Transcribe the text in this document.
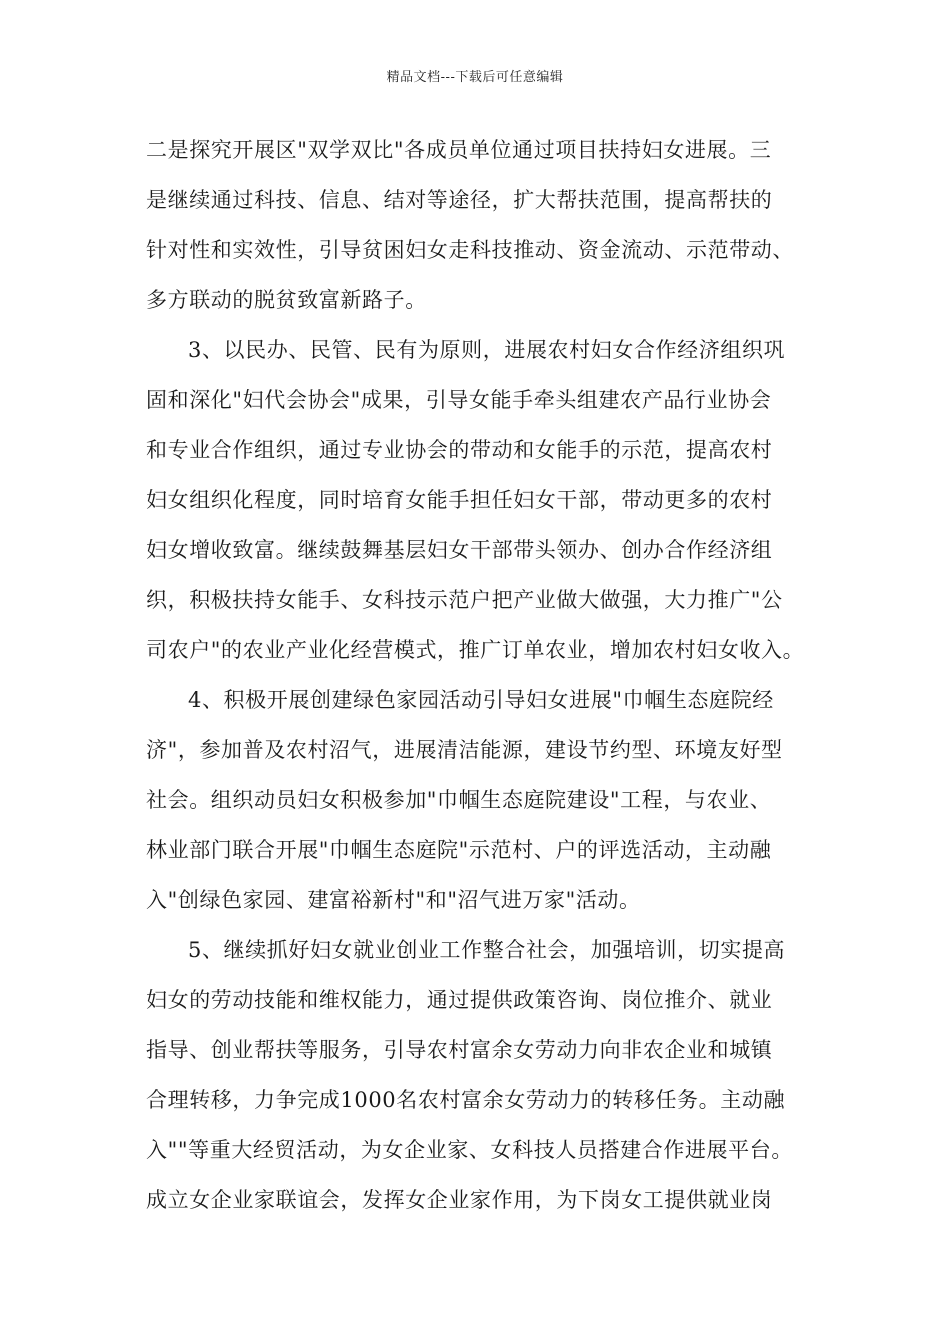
精品文档---下载后可任意编辑
二是探究开展区"双学双比"各成员单位通过项目扶持妇女进展。三
是继续通过科技、信息、结对等途径，扩大帮扶范围，提高帮扶的
针对性和实效性，引导贫困妇女走科技推动、资金流动、示范带动、
多方联动的脱贫致富新路子。
3、以民办、民管、民有为原则，进展农村妇女合作经济组织巩
固和深化"妇代会协会"成果，引导女能手牵头组建农产品行业协会
和专业合作组织，通过专业协会的带动和女能手的示范，提高农村
妇女组织化程度，同时培育女能手担任妇女干部，带动更多的农村
妇女增收致富。继续鼓舞基层妇女干部带头领办、创办合作经济组
织，积极扶持女能手、女科技示范户把产业做大做强，大力推广"公
司农户"的农业产业化经营模式，推广订单农业，增加农村妇女收入。
4、积极开展创建绿色家园活动引导妇女进展"巾帼生态庭院经
济"，参加普及农村沼气，进展清洁能源，建设节约型、环境友好型
社会。组织动员妇女积极参加"巾帼生态庭院建设"工程，与农业、
林业部门联合开展"巾帼生态庭院"示范村、户的评选活动，主动融
入"创绿色家园、建富裕新村"和"沼气进万家"活动。
5、继续抓好妇女就业创业工作整合社会，加强培训，切实提高
妇女的劳动技能和维权能力，通过提供政策咨询、岗位推介、就业
指导、创业帮扶等服务，引导农村富余女劳动力向非农企业和城镇
合理转移，力争完成1000名农村富余女劳动力的转移任务。主动融
入""等重大经贸活动，为女企业家、女科技人员搭建合作进展平台。
成立女企业家联谊会，发挥女企业家作用，为下岗女工提供就业岗
